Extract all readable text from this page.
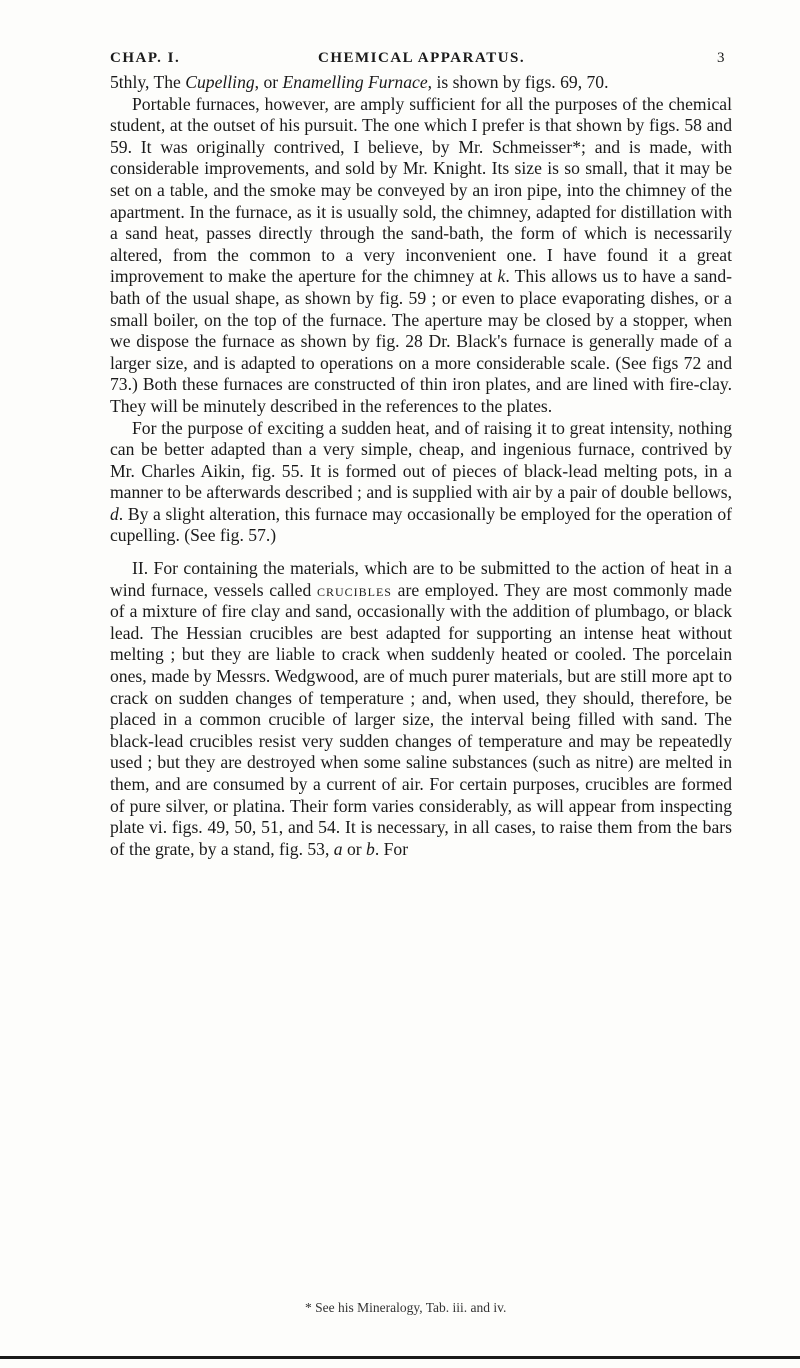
CHAP. I.	CHEMICAL APPARATUS.	3

5thly, The Cupelling, or Enamelling Furnace, is shown by figs. 69, 70.

Portable furnaces, however, are amply sufficient for all the purposes of the chemical student, at the outset of his pursuit. The one which I prefer is that shown by figs. 58 and 59. It was originally contrived, I believe, by Mr. Schmeisser*; and is made, with considerable improvements, and sold by Mr. Knight. Its size is so small, that it may be set on a table, and the smoke may be conveyed by an iron pipe, into the chimney of the apartment. In the furnace, as it is usually sold, the chimney, adapted for distillation with a sand heat, passes directly through the sand-bath, the form of which is necessarily altered, from the common to a very inconvenient one. I have found it a great improvement to make the aperture for the chimney at k. This allows us to have a sand-bath of the usual shape, as shown by fig. 59 ; or even to place evaporating dishes, or a small boiler, on the top of the furnace. The aperture may be closed by a stopper, when we dispose the furnace as shown by fig. 28 Dr. Black's furnace is generally made of a larger size, and is adapted to operations on a more considerable scale. (See figs 72 and 73.) Both these furnaces are constructed of thin iron plates, and are lined with fire-clay. They will be minutely described in the references to the plates.

For the purpose of exciting a sudden heat, and of raising it to great intensity, nothing can be better adapted than a very simple, cheap, and ingenious furnace, contrived by Mr. Charles Aikin, fig. 55. It is formed out of pieces of black-lead melting pots, in a manner to be afterwards described ; and is supplied with air by a pair of double bellows, d. By a slight alteration, this furnace may occasionally be employed for the operation of cupelling. (See fig. 57.)

II. For containing the materials, which are to be submitted to the action of heat in a wind furnace, vessels called crucibles are employed. They are most commonly made of a mixture of fire clay and sand, occasionally with the addition of plumbago, or black lead. The Hessian crucibles are best adapted for supporting an intense heat without melting ; but they are liable to crack when suddenly heated or cooled. The porcelain ones, made by Messrs. Wedgwood, are of much purer materials, but are still more apt to crack on sudden changes of temperature ; and, when used, they should, therefore, be placed in a common crucible of larger size, the interval being filled with sand. The black-lead crucibles resist very sudden changes of temperature and may be repeatedly used ; but they are destroyed when some saline substances (such as nitre) are melted in them, and are consumed by a current of air. For certain purposes, crucibles are formed of pure silver, or platina. Their form varies considerably, as will appear from inspecting plate vi. figs. 49, 50, 51, and 54. It is necessary, in all cases, to raise them from the bars of the grate, by a stand, fig. 53, a or b. For

* See his Mineralogy, Tab. iii. and iv.
